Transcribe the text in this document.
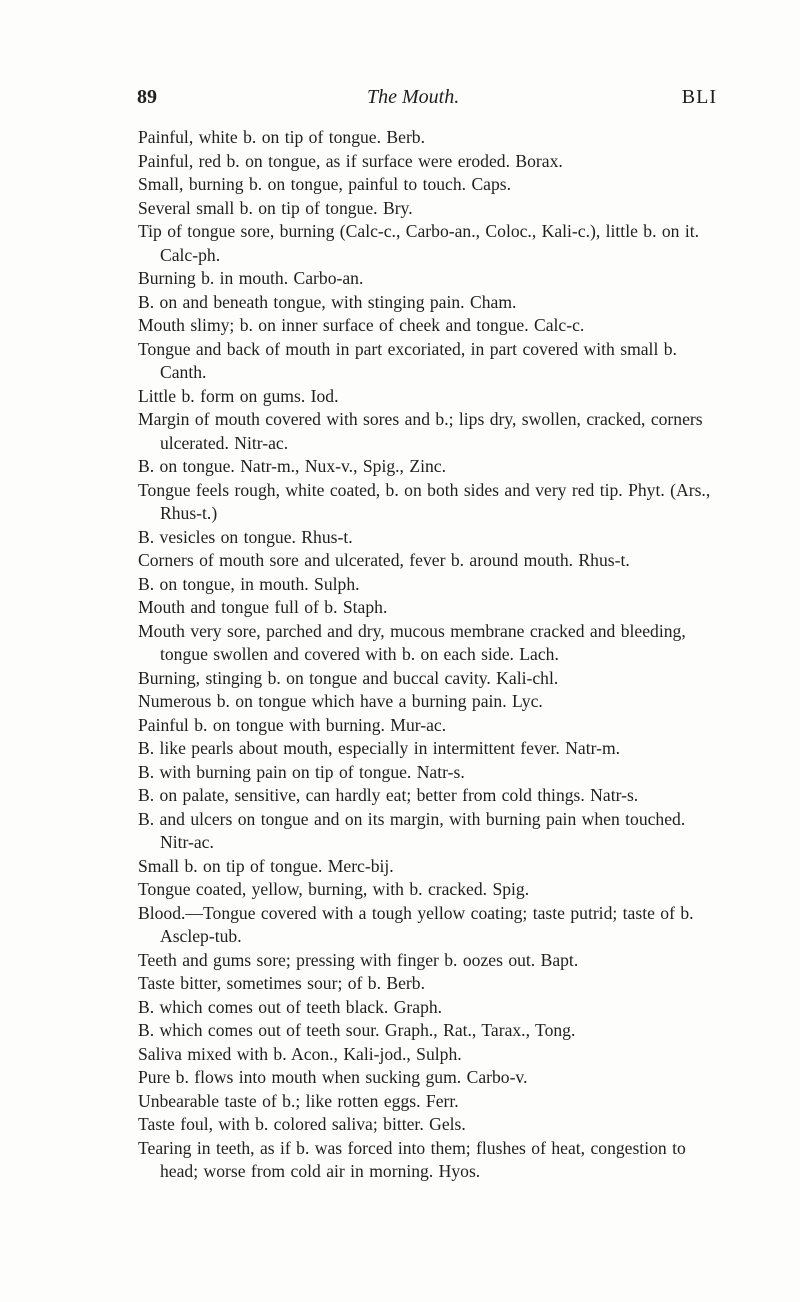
89	The Mouth.	BLI
Painful, white b. on tip of tongue. Berb.
Painful, red b. on tongue, as if surface were eroded. Borax.
Small, burning b. on tongue, painful to touch. Caps.
Several small b. on tip of tongue. Bry.
Tip of tongue sore, burning (Calc-c., Carbo-an., Coloc., Kali-c.), little b. on it. Calc-ph.
Burning b. in mouth. Carbo-an.
B. on and beneath tongue, with stinging pain. Cham.
Mouth slimy; b. on inner surface of cheek and tongue. Calc-c.
Tongue and back of mouth in part excoriated, in part covered with small b. Canth.
Little b. form on gums. Iod.
Margin of mouth covered with sores and b.; lips dry, swollen, cracked, corners ulcerated. Nitr-ac.
B. on tongue. Natr-m., Nux-v., Spig., Zinc.
Tongue feels rough, white coated, b. on both sides and very red tip. Phyt. (Ars., Rhus-t.)
B. vesicles on tongue. Rhus-t.
Corners of mouth sore and ulcerated, fever b. around mouth. Rhus-t.
B. on tongue, in mouth. Sulph.
Mouth and tongue full of b. Staph.
Mouth very sore, parched and dry, mucous membrane cracked and bleeding, tongue swollen and covered with b. on each side. Lach.
Burning, stinging b. on tongue and buccal cavity. Kali-chl.
Numerous b. on tongue which have a burning pain. Lyc.
Painful b. on tongue with burning. Mur-ac.
B. like pearls about mouth, especially in intermittent fever. Natr-m.
B. with burning pain on tip of tongue. Natr-s.
B. on palate, sensitive, can hardly eat; better from cold things. Natr-s.
B. and ulcers on tongue and on its margin, with burning pain when touched. Nitr-ac.
Small b. on tip of tongue. Merc-bij.
Tongue coated, yellow, burning, with b. cracked. Spig.
Blood.—Tongue covered with a tough yellow coating; taste putrid; taste of b. Asclep-tub.
Teeth and gums sore; pressing with finger b. oozes out. Bapt.
Taste bitter, sometimes sour; of b. Berb.
B. which comes out of teeth black. Graph.
B. which comes out of teeth sour. Graph., Rat., Tarax., Tong.
Saliva mixed with b. Acon., Kali-jod., Sulph.
Pure b. flows into mouth when sucking gum. Carbo-v.
Unbearable taste of b.; like rotten eggs. Ferr.
Taste foul, with b. colored saliva; bitter. Gels.
Tearing in teeth, as if b. was forced into them; flushes of heat, congestion to head; worse from cold air in morning. Hyos.
